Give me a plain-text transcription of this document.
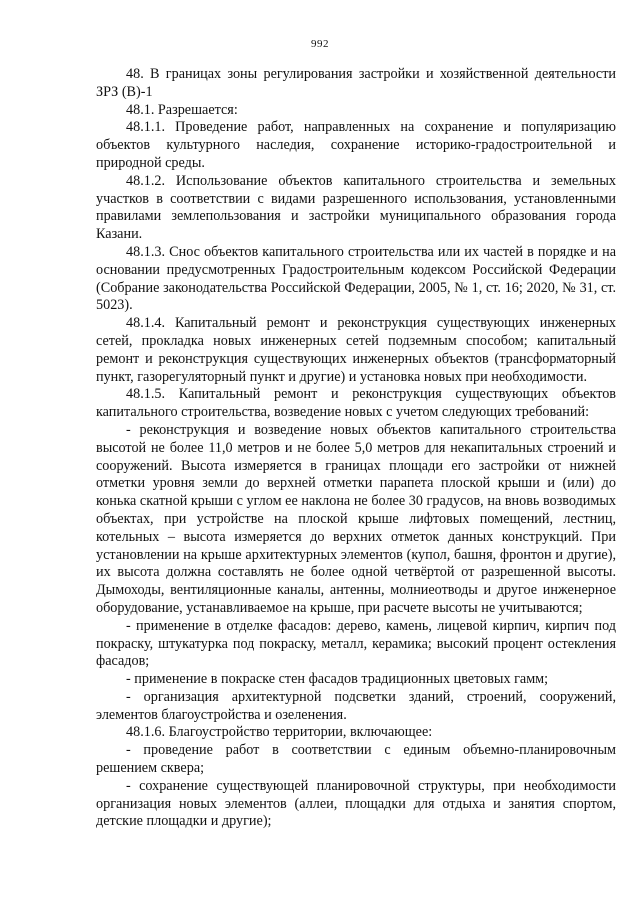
992

48. В границах зоны регулирования застройки и хозяйственной деятельности ЗРЗ (В)-1

48.1. Разрешается:

48.1.1. Проведение работ, направленных на сохранение и популяризацию объектов культурного наследия, сохранение историко-градостроительной и природной среды.

48.1.2. Использование объектов капитального строительства и земельных участков в соответствии с видами разрешенного использования, установленными правилами землепользования и застройки муниципального образования города Казани.

48.1.3. Снос объектов капитального строительства или их частей в порядке и на основании предусмотренных Градостроительным кодексом Российской Федерации (Собрание законодательства Российской Федерации, 2005, № 1, ст. 16; 2020, № 31, ст. 5023).

48.1.4. Капитальный ремонт и реконструкция существующих инженерных сетей, прокладка новых инженерных сетей подземным способом; капитальный ремонт и реконструкция существующих инженерных объектов (трансформаторный пункт, газорегуляторный пункт и другие) и установка новых при необходимости.

48.1.5. Капитальный ремонт и реконструкция существующих объектов капитального строительства, возведение новых с учетом следующих требований:

- реконструкция и возведение новых объектов капитального строительства высотой не более 11,0 метров и не более 5,0 метров для некапитальных строений и сооружений. Высота измеряется в границах площади его застройки от нижней отметки уровня земли до верхней отметки парапета плоской крыши и (или) до конька скатной крыши с углом ее наклона не более 30 градусов, на вновь возводимых объектах, при устройстве на плоской крыше лифтовых помещений, лестниц, котельных – высота измеряется до верхних отметок данных конструкций. При установлении на крыше архитектурных элементов (купол, башня, фронтон и другие), их высота должна составлять не более одной четвёртой от разрешенной высоты. Дымоходы, вентиляционные каналы, антенны, молниеотводы и другое инженерное оборудование, устанавливаемое на крыше, при расчете высоты не учитываются;

- применение в отделке фасадов: дерево, камень, лицевой кирпич, кирпич под покраску, штукатурка под покраску, металл, керамика; высокий процент остекления фасадов;

- применение в покраске стен фасадов традиционных цветовых гамм;

- организация архитектурной подсветки зданий, строений, сооружений, элементов благоустройства и озеленения.

48.1.6. Благоустройство территории, включающее:

- проведение работ в соответствии с единым объемно-планировочным решением сквера;

- сохранение существующей планировочной структуры, при необходимости организация новых элементов (аллеи, площадки для отдыха и занятия спортом, детские площадки и другие);
